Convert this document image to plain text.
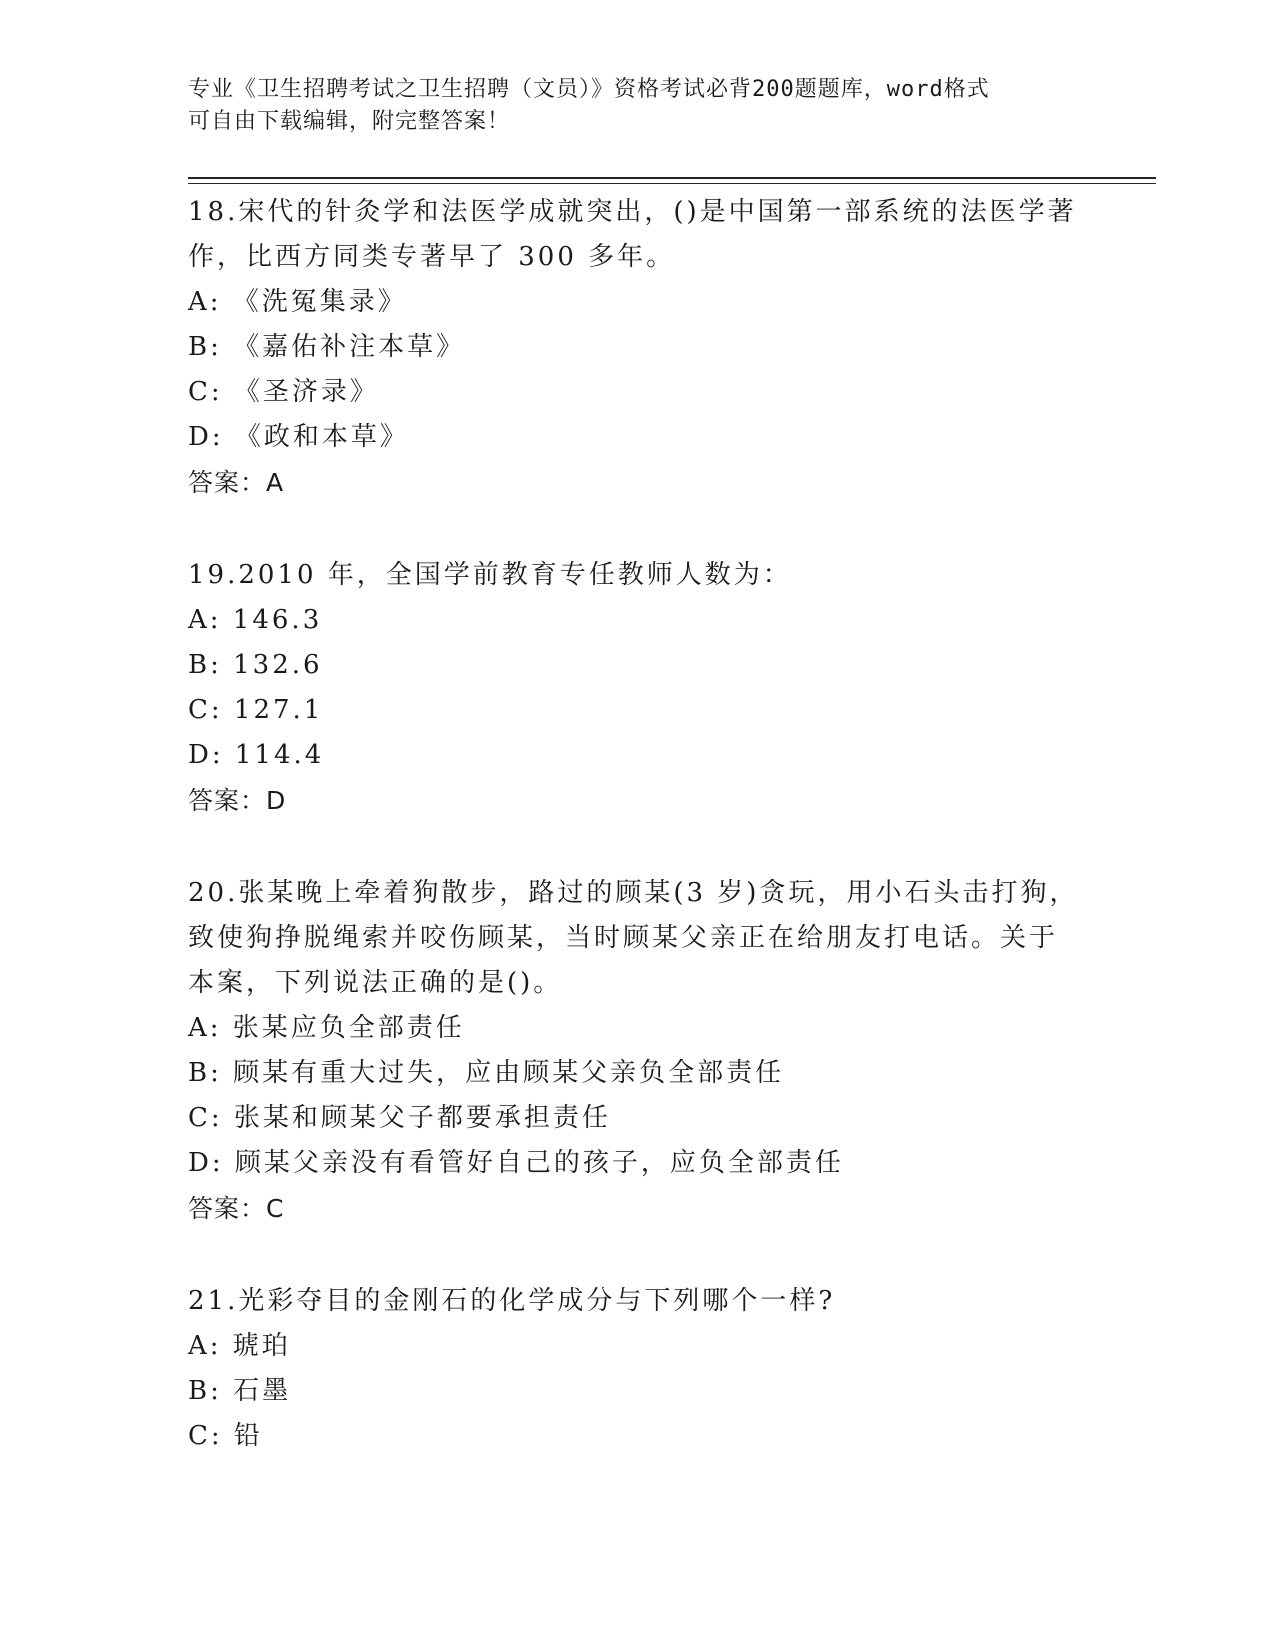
专业《卫生招聘考试之卫生招聘（文员）》资格考试必背200题题库，word格式
可自由下载编辑，附完整答案！
18.宋代的针灸学和法医学成就突出，()是中国第一部系统的法医学著
作，比西方同类专著早了 300 多年。
A: 《洗冤集录》
B: 《嘉佑补注本草》
C: 《圣济录》
D: 《政和本草》
答案：A
19.2010 年，全国学前教育专任教师人数为：
A: 146.3
B: 132.6
C: 127.1
D: 114.4
答案：D
20.张某晚上牵着狗散步，路过的顾某(3 岁)贪玩，用小石头击打狗，
致使狗挣脱绳索并咬伤顾某，当时顾某父亲正在给朋友打电话。关于
本案，下列说法正确的是()。
A: 张某应负全部责任
B: 顾某有重大过失，应由顾某父亲负全部责任
C: 张某和顾某父子都要承担责任
D: 顾某父亲没有看管好自己的孩子，应负全部责任
答案：C
21.光彩夺目的金刚石的化学成分与下列哪个一样?
A: 琥珀
B: 石墨
C: 铅
